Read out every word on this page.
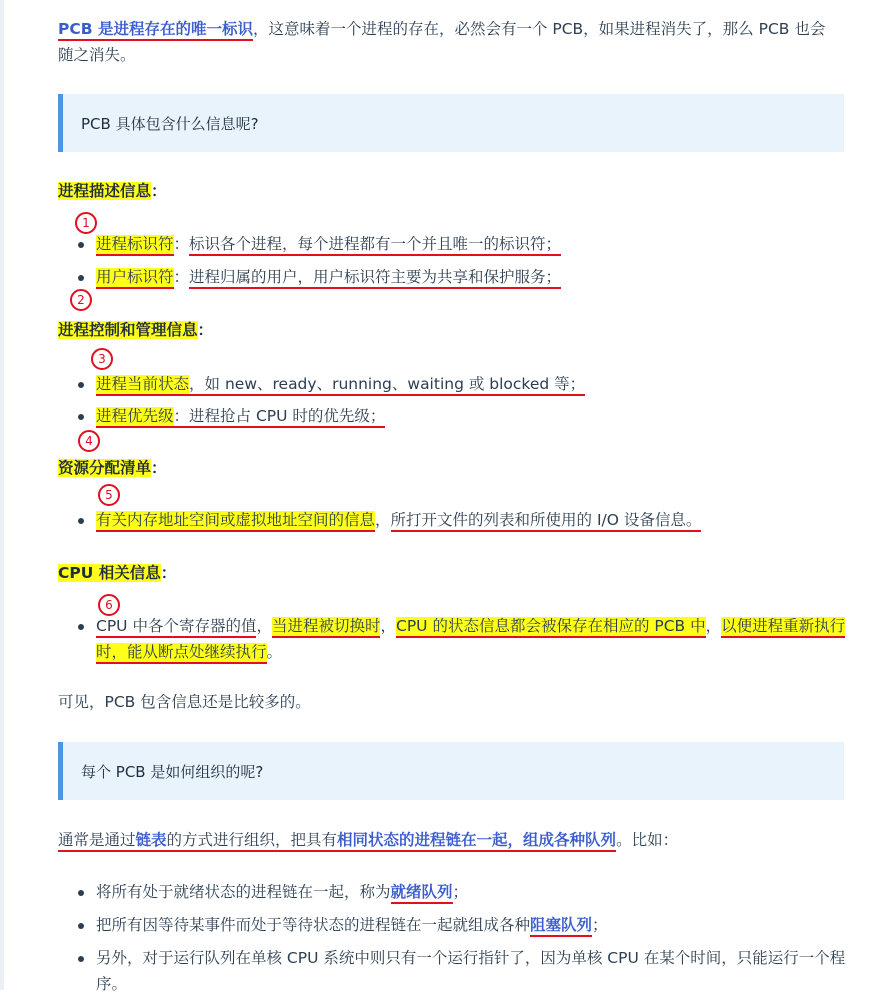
PCB 是进程存在的唯一标识，这意味着一个进程的存在，必然会有一个 PCB，如果进程消失了，那么 PCB 也会随之消失。

PCB 具体包含什么信息呢?

进程描述信息：

1
进程标识符：标识各个进程，每个进程都有一个并且唯一的标识符；
用户标识符：进程归属的用户，用户标识符主要为共享和保护服务；
2

进程控制和管理信息：

3
进程当前状态，如 new、ready、running、waiting 或 blocked 等；
进程优先级：进程抢占 CPU 时的优先级；
4

资源分配清单：

5
有关内存地址空间或虚拟地址空间的信息，所打开文件的列表和所使用的 I/O 设备信息。

CPU 相关信息：

6
CPU 中各个寄存器的值，当进程被切换时，CPU 的状态信息都会被保存在相应的 PCB 中，以便进程重新执行时，能从断点处继续执行。

可见，PCB 包含信息还是比较多的。

每个 PCB 是如何组织的呢?

通常是通过链表的方式进行组织，把具有相同状态的进程链在一起，组成各种队列。比如：

将所有处于就绪状态的进程链在一起，称为就绪队列；
把所有因等待某事件而处于等待状态的进程链在一起就组成各种阻塞队列；
另外，对于运行队列在单核 CPU 系统中则只有一个运行指针了，因为单核 CPU 在某个时间，只能运行一个程序。
